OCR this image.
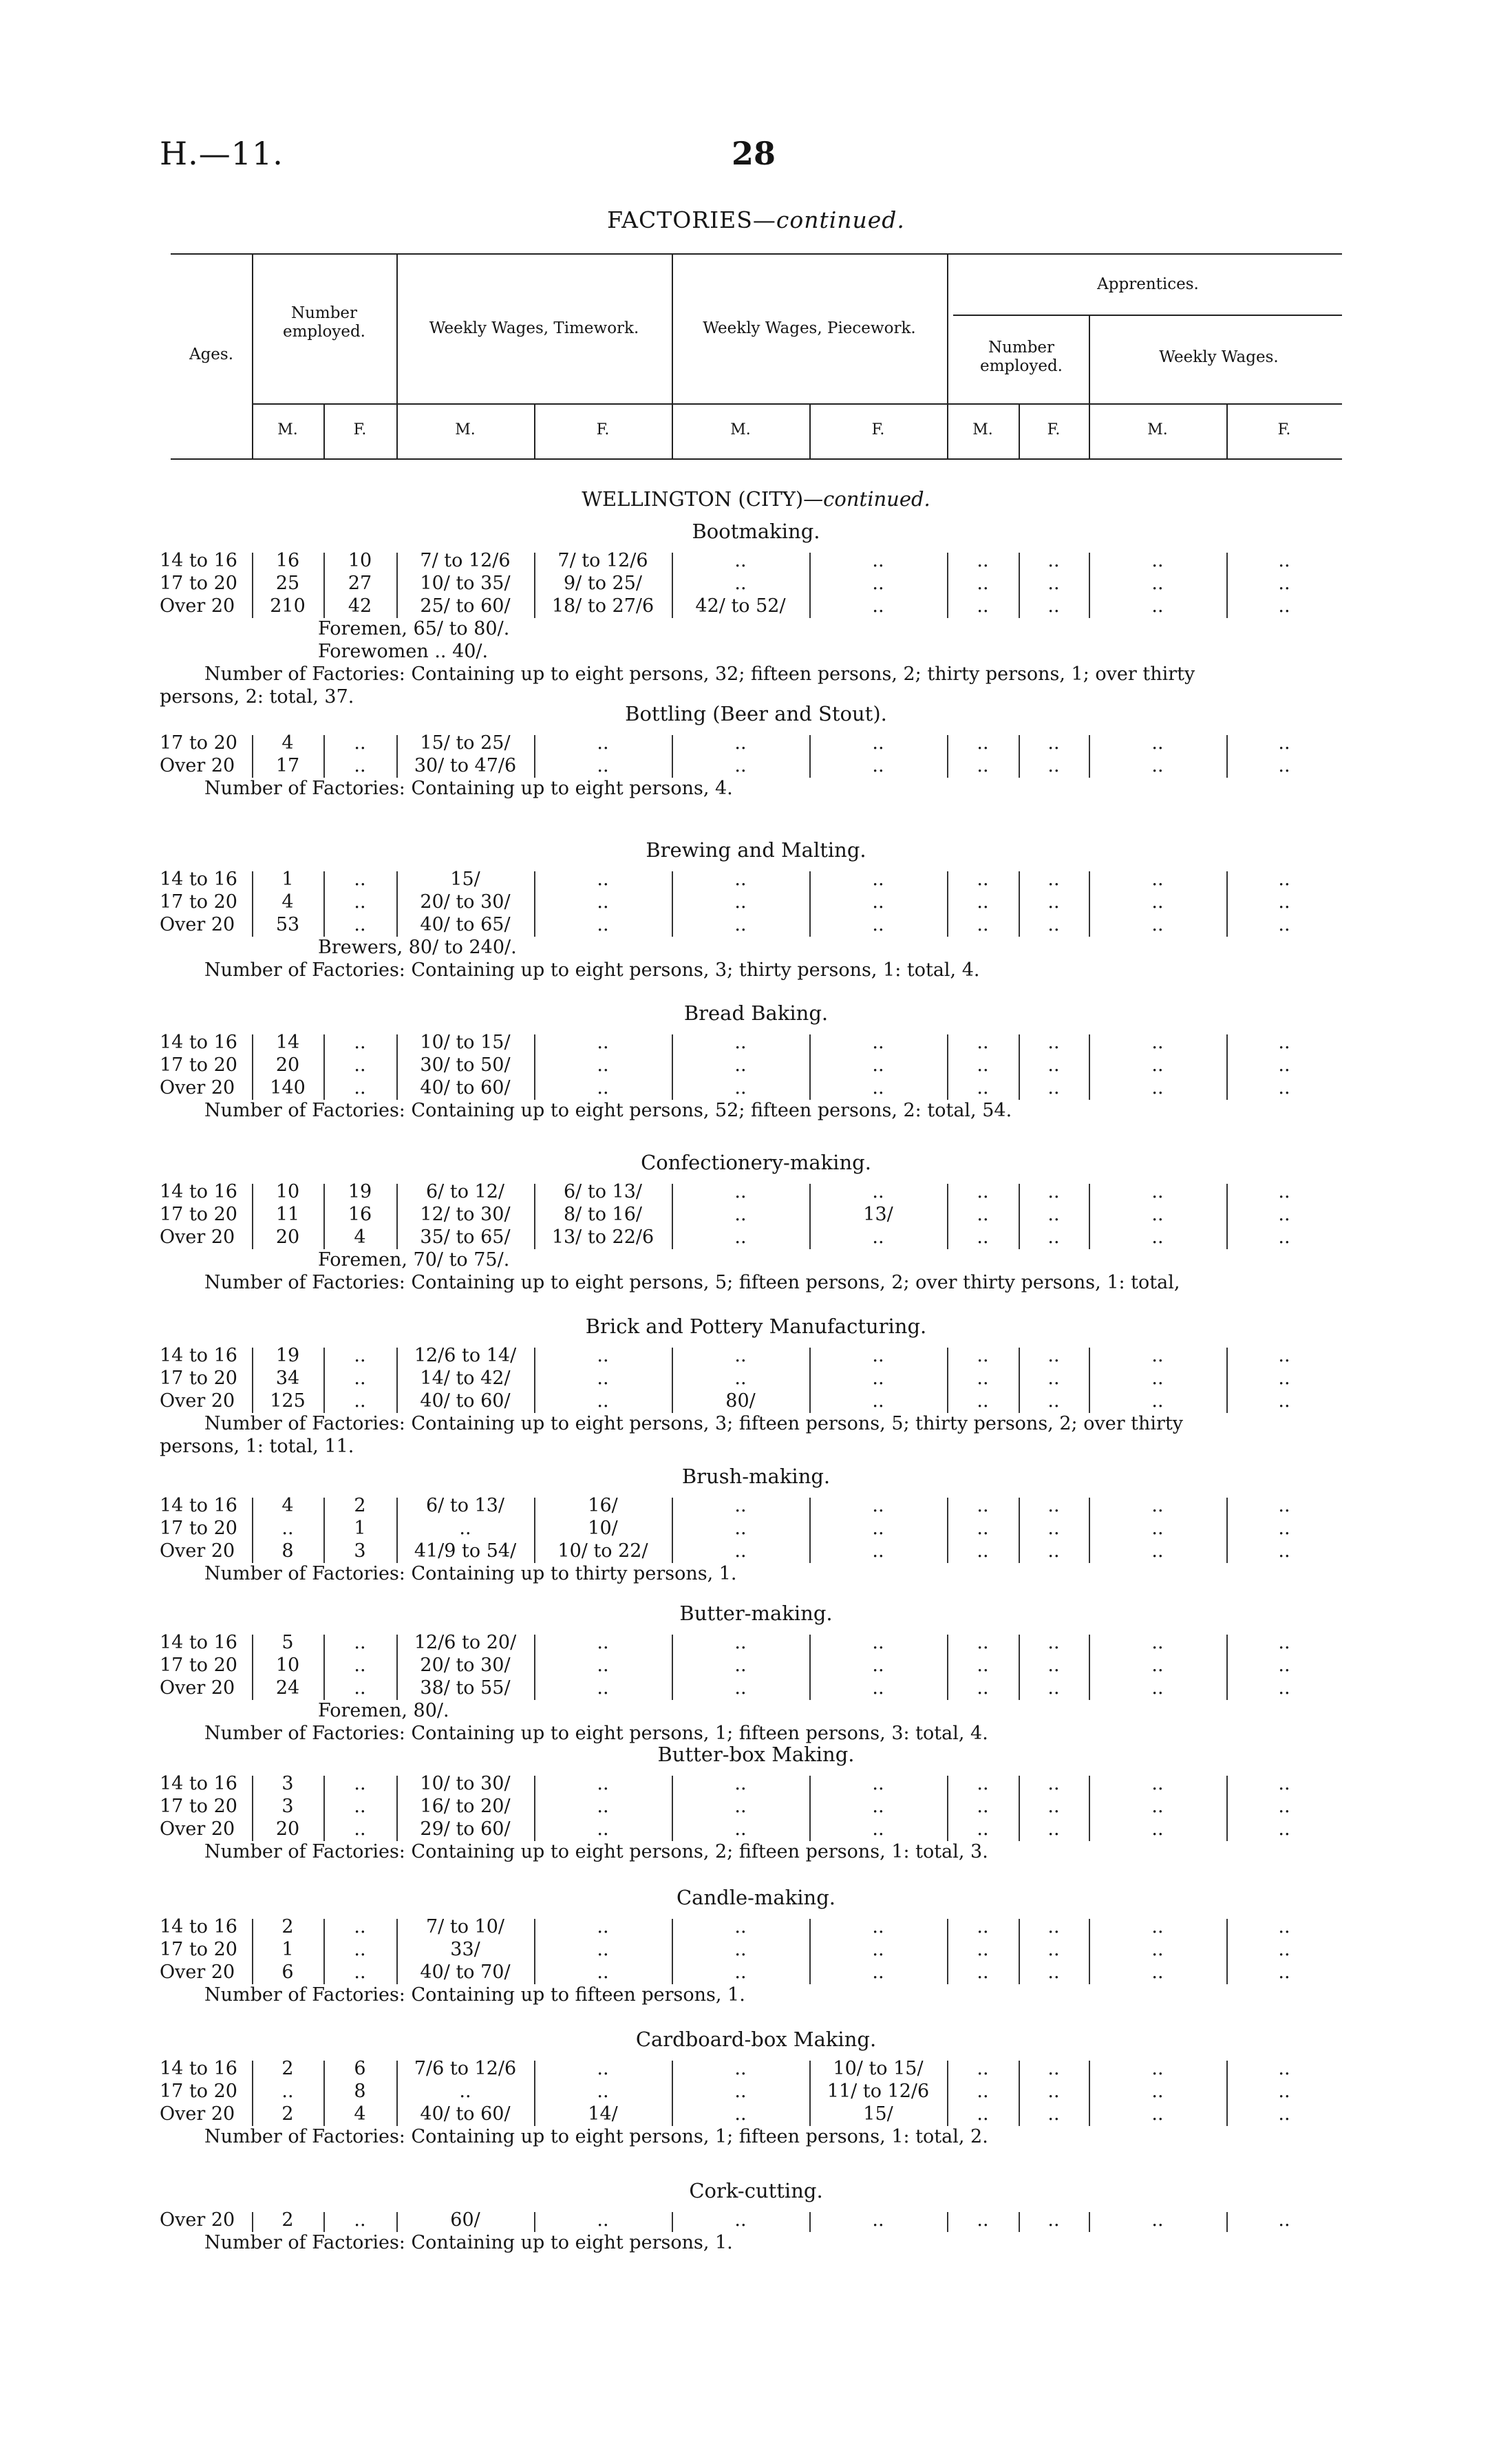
H.—11.	28
FACTORIES—continued.
Ages.
Number employed.	Weekly Wages, Timework.	Weekly Wages, Piecework.
Apprentices.
Number employed.	Weekly Wages.
M.	F.	M.	F.	M.	F.	M.	F.	M.	F.
WELLINGTON (CITY)—continued.
Bootmaking.
14 to 16	16	10	7/ to 12/6	7/ to 12/6	..	..	..	..	..	..
17 to 20	25	27	10/ to 35/	9/ to 25/	..	..	..	..	..	..
Over 20	210	42	25/ to 60/	18/ to 27/6	42/ to 52/	..	..	..	..	..
Foremen, 65/ to 80/.
Forewomen .. 40/.
Number of Factories: Containing up to eight persons, 32; fifteen persons, 2; thirty persons, 1; over thirty
persons, 2: total, 37.
Bottling (Beer and Stout).
17 to 20	4	..	15/ to 25/	..	..	..	..	..	..	..
Over 20	17	..	30/ to 47/6	..	..	..	..	..	..	..
Number of Factories: Containing up to eight persons, 4.
Brewing and Malting.
14 to 16	1	..	15/	..	..	..	..	..	..	..
17 to 20	4	..	20/ to 30/	..	..	..	..	..	..	..
Over 20	53	..	40/ to 65/	..	..	..	..	..	..	..
Brewers, 80/ to 240/.
Number of Factories: Containing up to eight persons, 3; thirty persons, 1: total, 4.
Bread Baking.
14 to 16	14	..	10/ to 15/	..	..	..	..	..	..	..
17 to 20	20	..	30/ to 50/	..	..	..	..	..	..	..
Over 20	140	..	40/ to 60/	..	..	..	..	..	..	..
Number of Factories: Containing up to eight persons, 52; fifteen persons, 2: total, 54.
Confectionery-making.
14 to 16	10	19	6/ to 12/	6/ to 13/	..	..	..	..	..	..
17 to 20	11	16	12/ to 30/	8/ to 16/	..	13/	..	..	..	..
Over 20	20	4	35/ to 65/	13/ to 22/6	..	..	..	..	..	..
Foremen, 70/ to 75/.
Number of Factories: Containing up to eight persons, 5; fifteen persons, 2; over thirty persons, 1: total,
Brick and Pottery Manufacturing.
14 to 16	19	..	12/6 to 14/	..	..	..	..	..	..	..
17 to 20	34	..	14/ to 42/	..	..	..	..	..	..	..
Over 20	125	..	40/ to 60/	..	80/	..	..	..	..	..
Number of Factories: Containing up to eight persons, 3; fifteen persons, 5; thirty persons, 2; over thirty
persons, 1: total, 11.
Brush-making.
14 to 16	4	2	6/ to 13/	16/	..	..	..	..	..	..
17 to 20	..	1	..	10/	..	..	..	..	..	..
Over 20	8	3	41/9 to 54/	10/ to 22/	..	..	..	..	..	..
Number of Factories: Containing up to thirty persons, 1.
Butter-making.
14 to 16	5	..	12/6 to 20/	..	..	..	..	..	..	..
17 to 20	10	..	20/ to 30/	..	..	..	..	..	..	..
Over 20	24	..	38/ to 55/	..	..	..	..	..	..	..
Foremen, 80/.
Number of Factories: Containing up to eight persons, 1; fifteen persons, 3: total, 4.
Butter-box Making.
14 to 16	3	..	10/ to 30/	..	..	..	..	..	..	..
17 to 20	3	..	16/ to 20/	..	..	..	..	..	..	..
Over 20	20	..	29/ to 60/	..	..	..	..	..	..	..
Number of Factories: Containing up to eight persons, 2; fifteen persons, 1: total, 3.
Candle-making.
14 to 16	2	..	7/ to 10/	..	..	..	..	..	..	..
17 to 20	1	..	33/	..	..	..	..	..	..	..
Over 20	6	..	40/ to 70/	..	..	..	..	..	..	..
Number of Factories: Containing up to fifteen persons, 1.
Cardboard-box Making.
14 to 16	2	6	7/6 to 12/6	..	..	10/ to 15/	..	..	..	..
17 to 20	..	8	..	..	..	11/ to 12/6	..	..	..	..
Over 20	2	4	40/ to 60/	14/	..	15/	..	..	..	..
Number of Factories: Containing up to eight persons, 1; fifteen persons, 1: total, 2.
Cork-cutting.
Over 20	2	..	60/	..	..	..	..	..	..	..
Number of Factories: Containing up to eight persons, 1.
